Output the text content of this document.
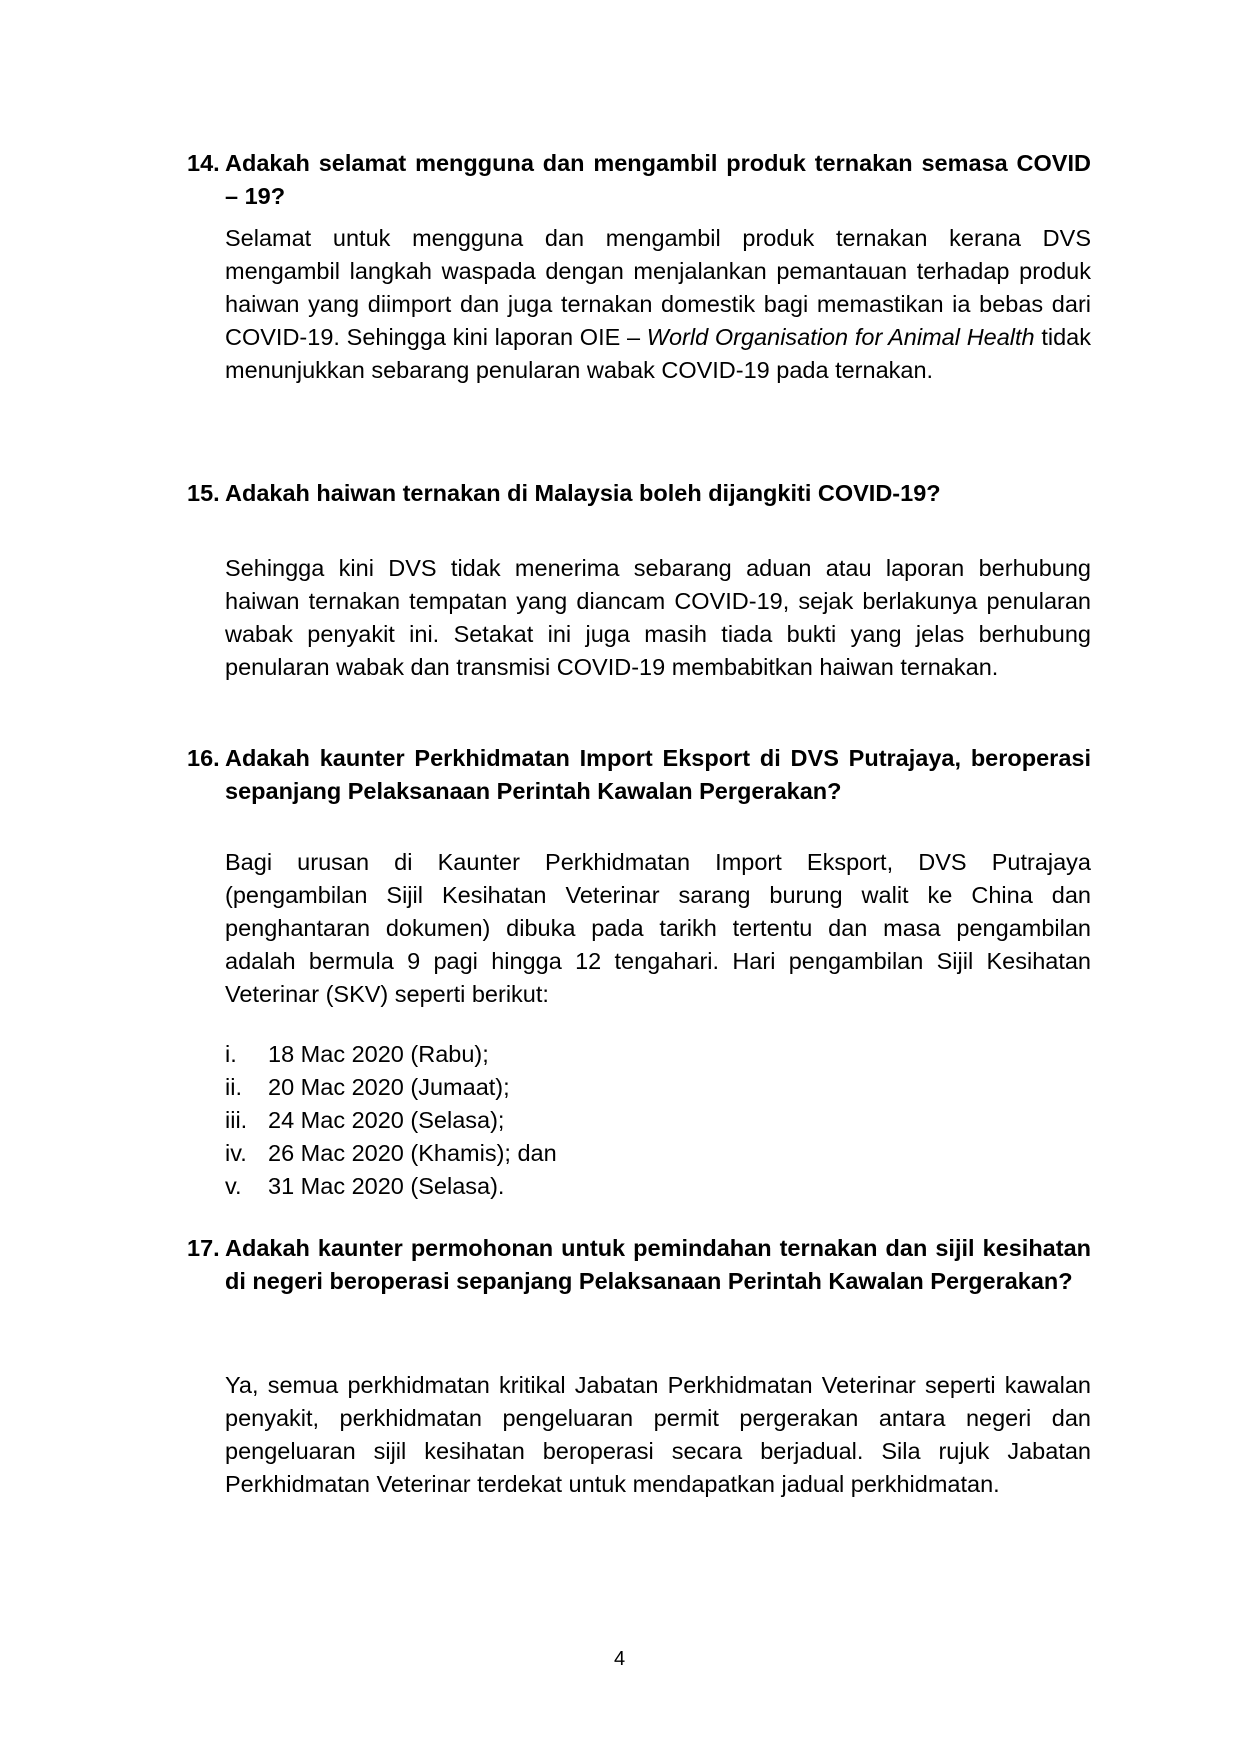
14. Adakah selamat mengguna dan mengambil produk ternakan semasa COVID – 19?
Selamat untuk mengguna dan mengambil produk ternakan kerana DVS mengambil langkah waspada dengan menjalankan pemantauan terhadap produk haiwan yang diimport dan juga ternakan domestik bagi memastikan ia bebas dari COVID-19. Sehingga kini laporan OIE – World Organisation for Animal Health tidak menunjukkan sebarang penularan wabak COVID-19 pada ternakan.
15. Adakah haiwan ternakan di Malaysia boleh dijangkiti COVID-19?
Sehingga kini DVS tidak menerima sebarang aduan atau laporan berhubung haiwan ternakan tempatan yang diancam COVID-19, sejak berlakunya penularan wabak penyakit ini. Setakat ini juga masih tiada bukti yang jelas berhubung penularan wabak dan transmisi COVID-19 membabitkan haiwan ternakan.
16. Adakah kaunter Perkhidmatan Import Eksport di DVS Putrajaya, beroperasi sepanjang Pelaksanaan Perintah Kawalan Pergerakan?
Bagi urusan di Kaunter Perkhidmatan Import Eksport, DVS Putrajaya (pengambilan Sijil Kesihatan Veterinar sarang burung walit ke China dan penghantaran dokumen) dibuka pada tarikh tertentu dan masa pengambilan adalah bermula 9 pagi hingga 12 tengahari. Hari pengambilan Sijil Kesihatan Veterinar (SKV) seperti berikut:
i. 18 Mac 2020 (Rabu);
ii. 20 Mac 2020 (Jumaat);
iii. 24 Mac 2020 (Selasa);
iv. 26 Mac 2020 (Khamis); dan
v. 31 Mac 2020 (Selasa).
17. Adakah kaunter permohonan untuk pemindahan ternakan dan sijil kesihatan di negeri beroperasi sepanjang Pelaksanaan Perintah Kawalan Pergerakan?
Ya, semua perkhidmatan kritikal Jabatan Perkhidmatan Veterinar seperti kawalan penyakit, perkhidmatan pengeluaran permit pergerakan antara negeri dan pengeluaran sijil kesihatan beroperasi secara berjadual. Sila rujuk Jabatan Perkhidmatan Veterinar terdekat untuk mendapatkan jadual perkhidmatan.
4
